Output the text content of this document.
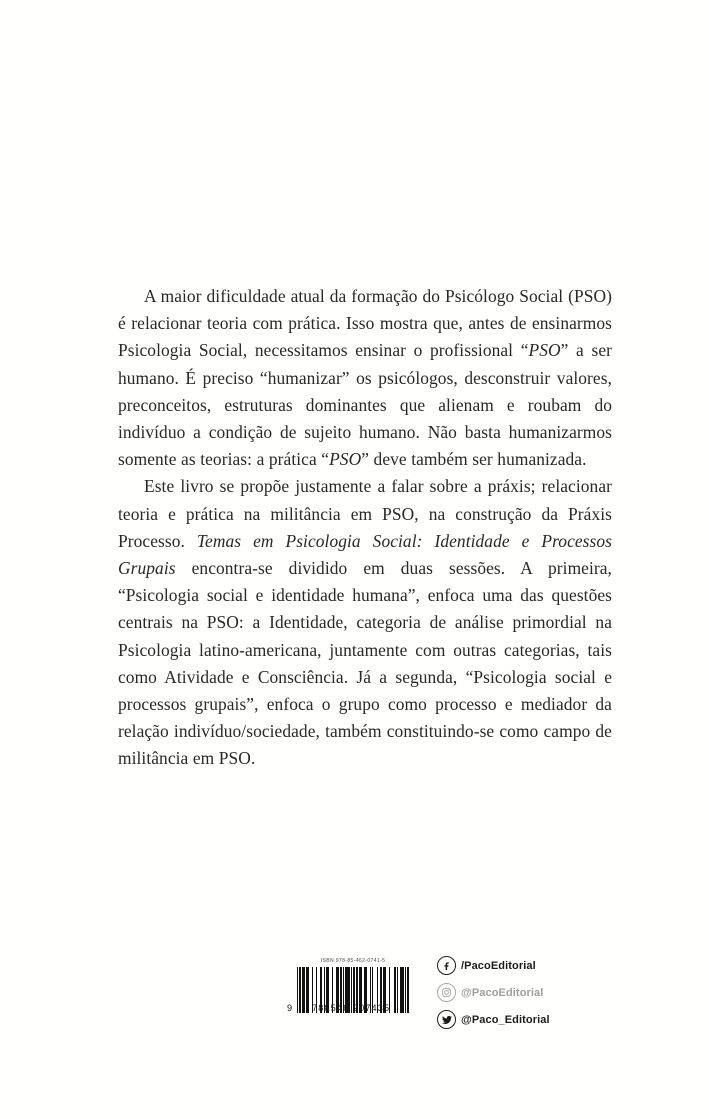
A maior dificuldade atual da formação do Psicólogo Social (PSO) é relacionar teoria com prática. Isso mostra que, antes de ensinarmos Psicologia Social, necessitamos ensinar o profissional “PSO” a ser humano. É preciso “humanizar” os psicólogos, desconstruir valores, preconceitos, estruturas dominantes que alienam e roubam do indivíduo a condição de sujeito humano. Não basta humanizarmos somente as teorias: a prática “PSO” deve também ser humanizada.

Este livro se propõe justamente a falar sobre a práxis; relacionar teoria e prática na militância em PSO, na construção da Práxis Processo. Temas em Psicologia Social: Identidade e Processos Grupais encontra-se dividido em duas sessões. A primeira, “Psicologia social e identidade humana”, enfoca uma das questões centrais na PSO: a Identidade, categoria de análise primordial na Psicologia latino-americana, juntamente com outras categorias, tais como Atividade e Consciência. Já a segunda, “Psicologia social e processos grupais”, enfoca o grupo como processo e mediador da relação indivíduo/sociedade, também constituindo-se como campo de militância em PSO.

ISBN 978-85-462-0741-5
9	788546 207435
/PacoEditorial
@PacoEditorial
@Paco_Editorial
